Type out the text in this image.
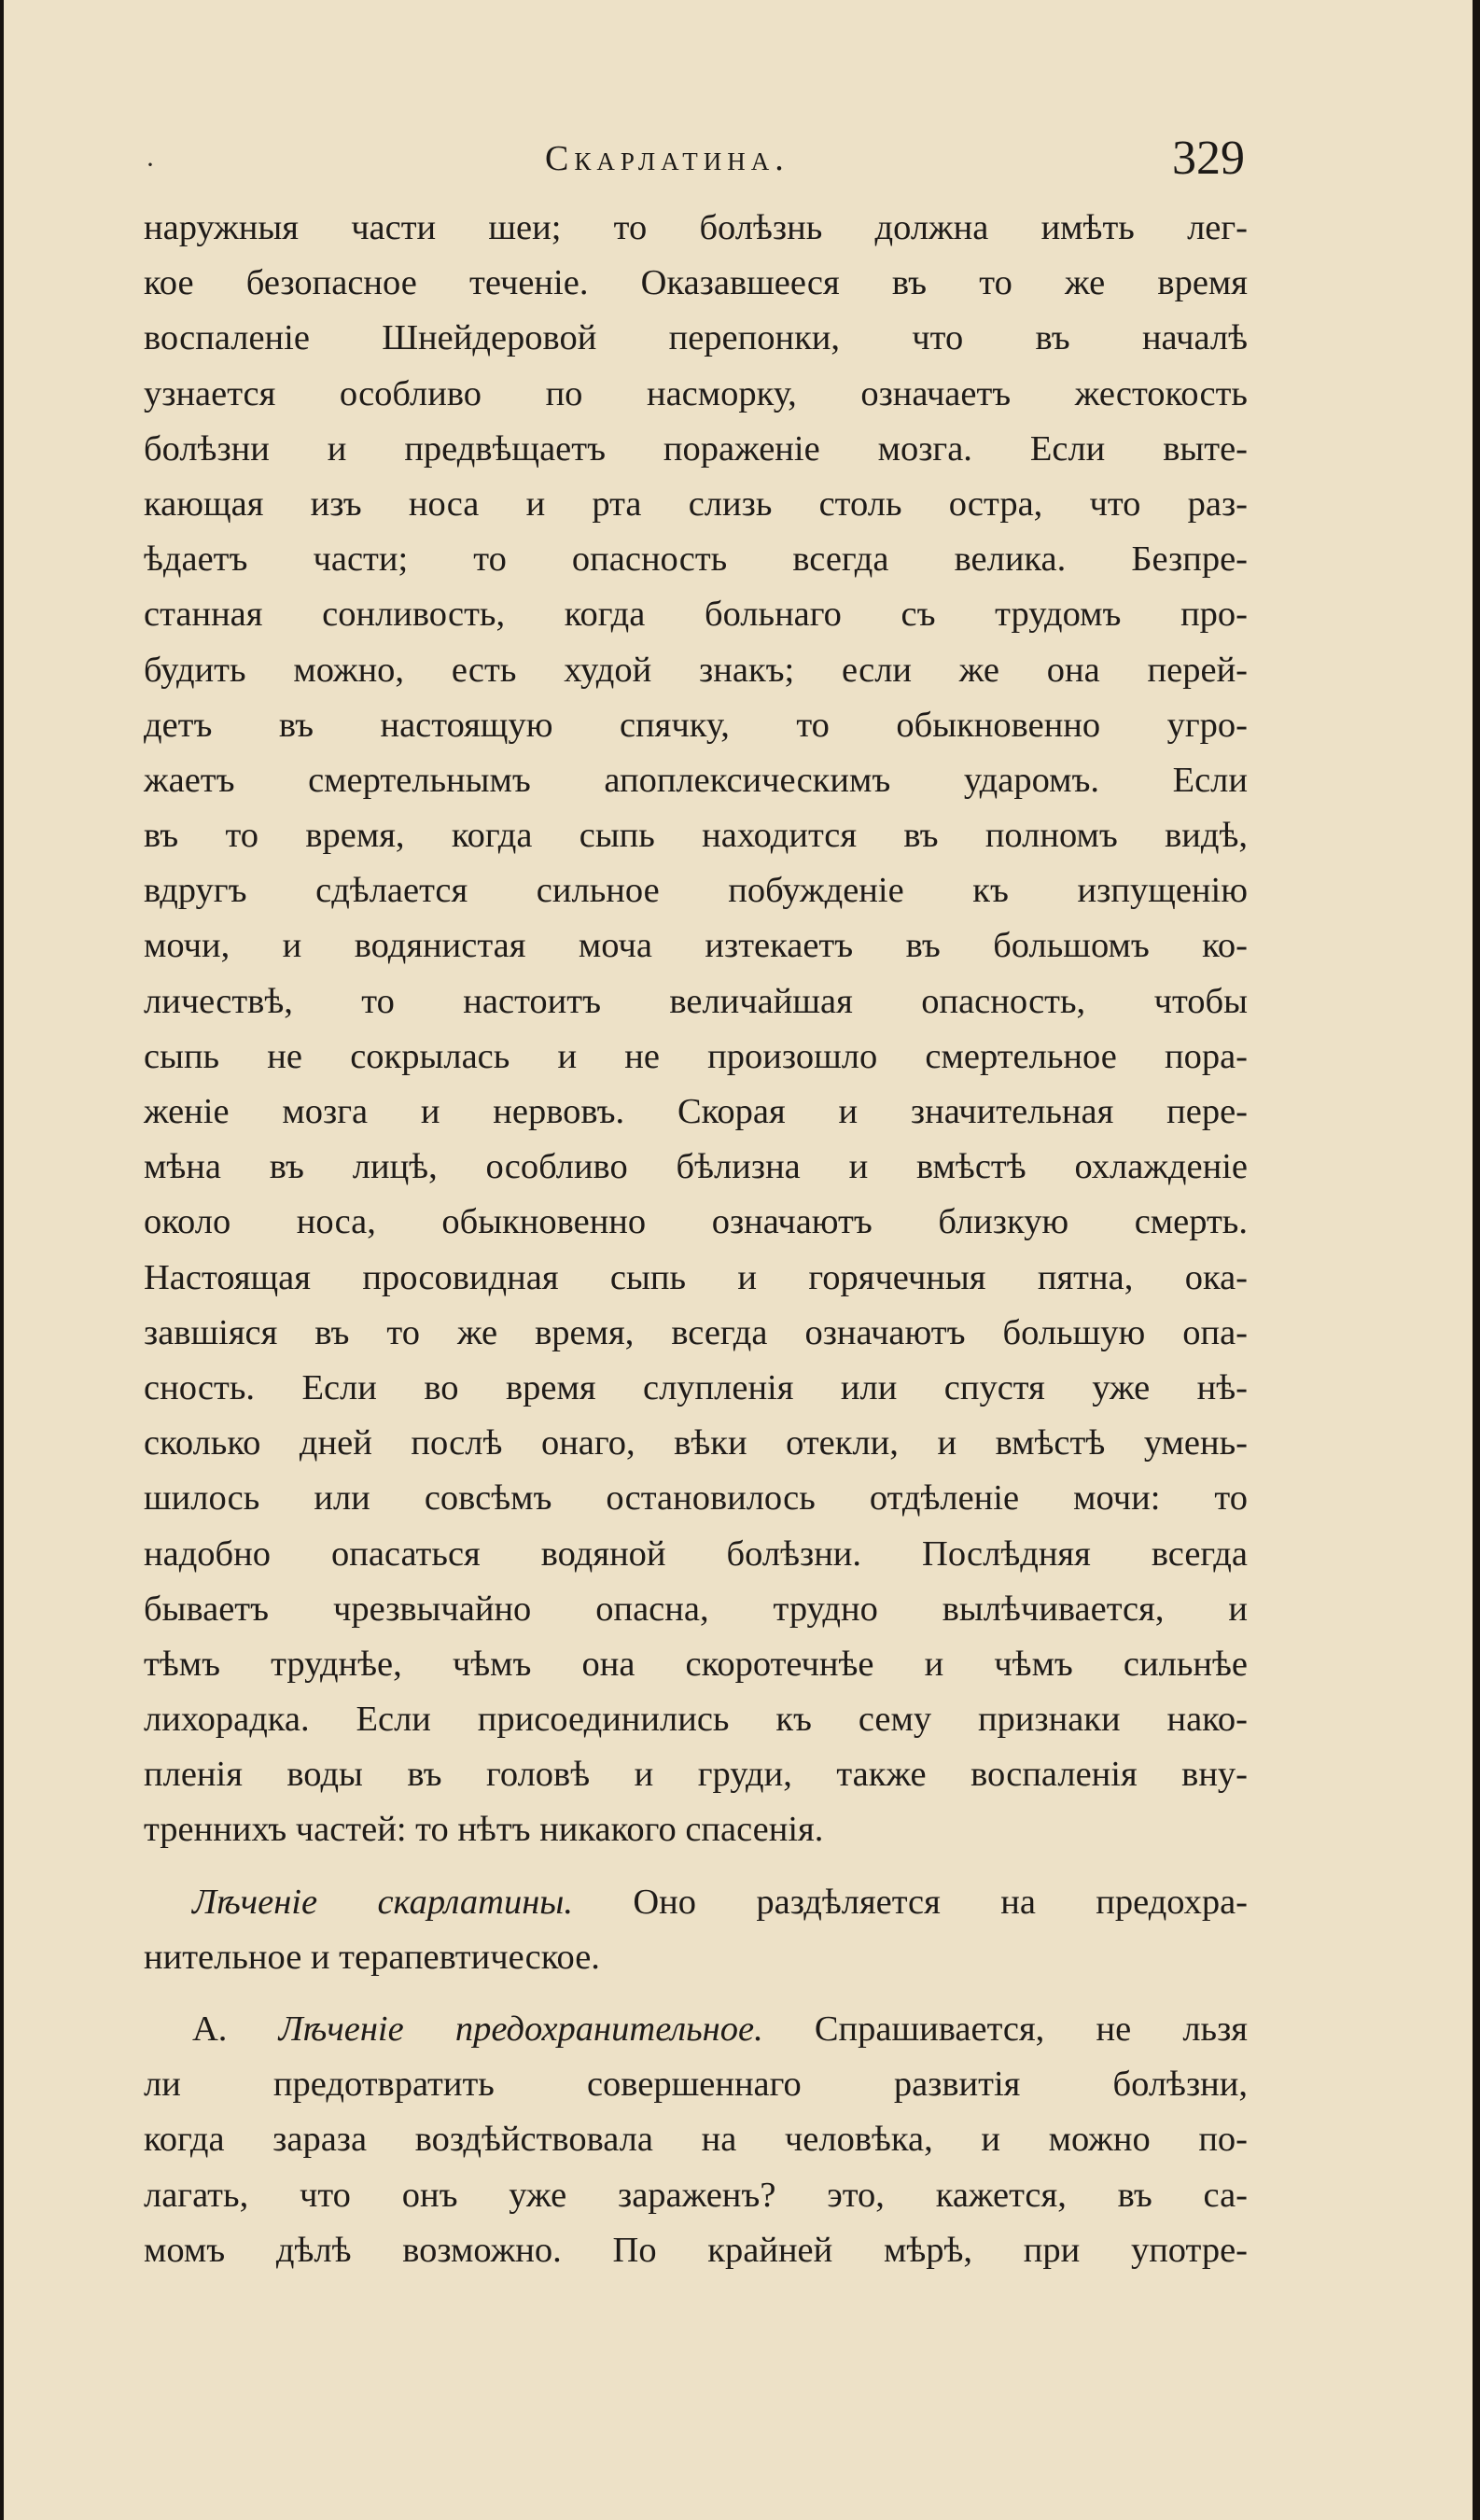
·	Скарлатина.	329
наружныя части шеи; то болѣзнь должна имѣть лег-
кое безопасное теченіе. Оказавшееся въ то же время
воспаленіе Шнейдеровой перепонки, что въ началѣ
узнается особливо по насморку, означаетъ жестокость
болѣзни и предвѣщаетъ пораженіе мозга. Если выте-
кающая изъ носа и рта слизь столь остра, что раз-
ѣдаетъ части; то опасность всегда велика. Безпре-
станная сонливость, когда больнаго съ трудомъ про-
будить можно, есть худой знакъ; если же она перей-
детъ въ настоящую спячку, то обыкновенно угро-
жаетъ смертельнымъ апоплексическимъ ударомъ. Если
въ то время, когда сыпь находится въ полномъ видѣ,
вдругъ сдѣлается сильное побужденіе къ изпущенію
мочи, и водянистая моча изтекаетъ въ большомъ ко-
личествѣ, то настоитъ величайшая опасность, чтобы
сыпь не сокрылась и не произошло смертельное пора-
женіе мозга и нервовъ. Скорая и значительная пере-
мѣна въ лицѣ, особливо бѣлизна и вмѣстѣ охлажденіе
около носа, обыкновенно означаютъ близкую смерть.
Настоящая просовидная сыпь и горячечныя пятна, ока-
завшіяся въ то же время, всегда означаютъ большую опа-
сность. Если во время слупленія или спустя уже нѣ-
сколько дней послѣ онаго, вѣки отекли, и вмѣстѣ умень-
шилось или совсѣмъ остановилось отдѣленіе мочи: то
надобно опасаться водяной болѣзни. Послѣдняя всегда
бываетъ чрезвычайно опасна, трудно вылѣчивается, и
тѣмъ труднѣе, чѣмъ она скоротечнѣе и чѣмъ сильнѣе
лихорадка. Если присоединились къ сему признаки нако-
пленія воды въ головѣ и груди, также воспаленія вну-
треннихъ частей: то нѣтъ никакого спасенія.
Лѣченіе скарлатины. Оно раздѣляется на предохра-
нительное и терапевтическое.
А. Лѣченіе предохранительное. Спрашивается, не льзя
ли предотвратить совершеннаго развитія болѣзни,
когда зараза воздѣйствовала на человѣка, и можно по-
лагать, что онъ уже зараженъ? это, кажется, въ са-
момъ дѣлѣ возможно. По крайней мѣрѣ, при употре-
